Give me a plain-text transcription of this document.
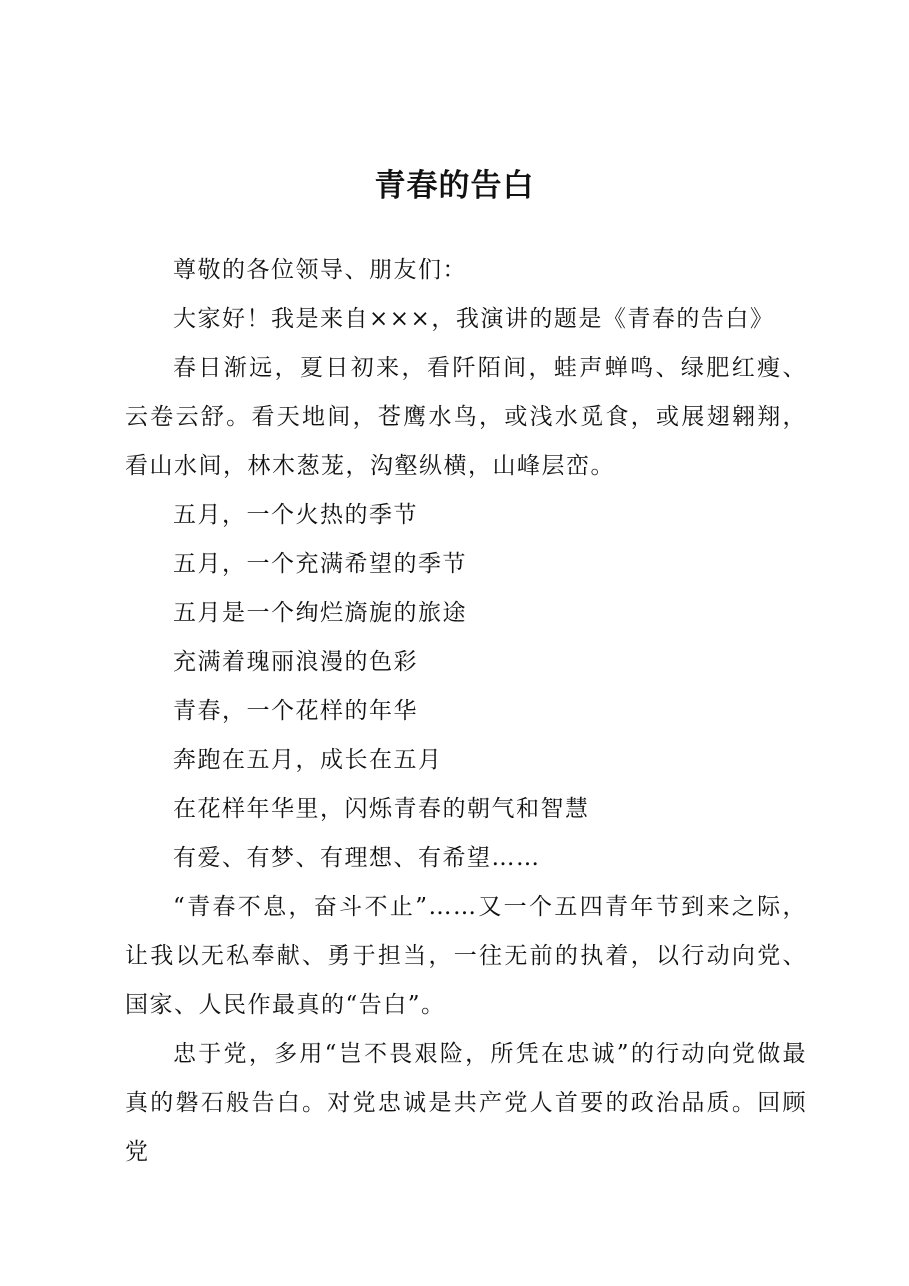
青春的告白

尊敬的各位领导、朋友们：

大家好！我是来自×××，我演讲的题是《青春的告白》

春日渐远，夏日初来，看阡陌间，蛙声蝉鸣、绿肥红瘦、云卷云舒。看天地间，苍鹰水鸟，或浅水觅食，或展翅翱翔，看山水间，林木葱茏，沟壑纵横，山峰层峦。

五月，一个火热的季节

五月，一个充满希望的季节

五月是一个绚烂旖旎的旅途

充满着瑰丽浪漫的色彩

青春，一个花样的年华

奔跑在五月，成长在五月

在花样年华里，闪烁青春的朝气和智慧

有爱、有梦、有理想、有希望……

“青春不息，奋斗不止”……又一个五四青年节到来之际，让我以无私奉献、勇于担当，一往无前的执着，以行动向党、国家、人民作最真的“告白”。

忠于党，多用“岂不畏艰险，所凭在忠诚”的行动向党做最真的磐石般告白。对党忠诚是共产党人首要的政治品质。回顾党
